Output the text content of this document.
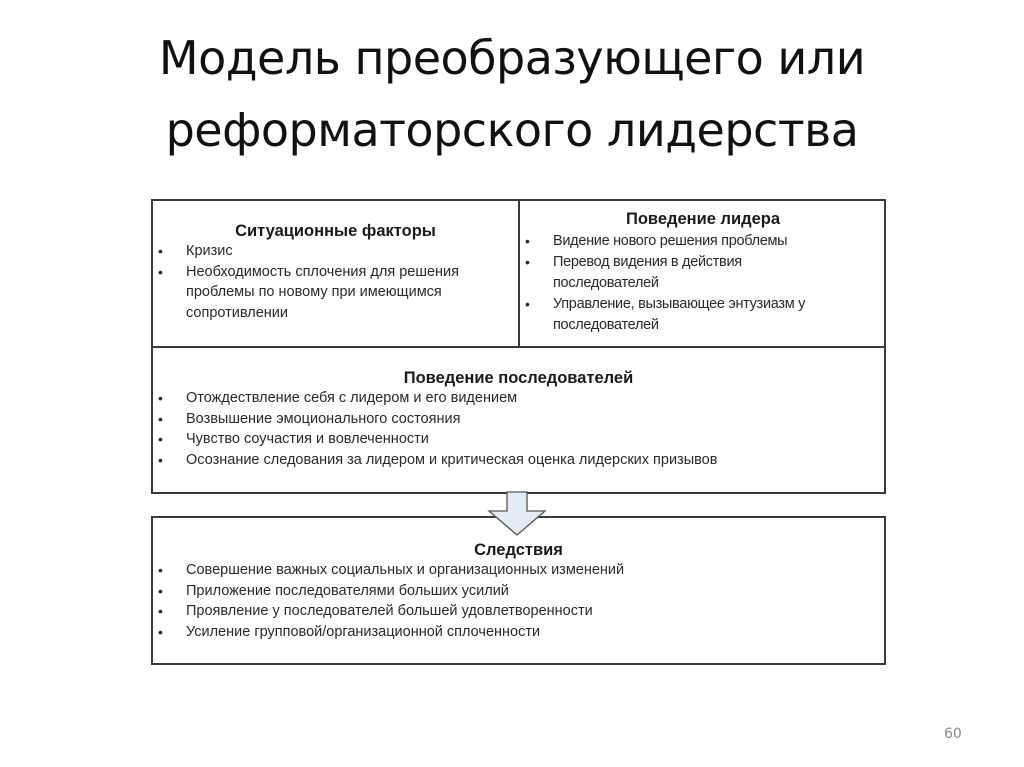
Модель преобразующего или
реформаторского лидерства
Ситуационные факторы
• Кризис
• Необходимость сплочения для решения проблемы по новому при имеющимся сопротивлении
Поведение лидера
• Видение нового решения проблемы
• Перевод видения в действия последователей
• Управление, вызывающее энтузиазм у последователей
Поведение последователей
• Отождествление себя с лидером и его видением
• Возвышение эмоционального состояния
• Чувство соучастия и вовлеченности
• Осознание следования за лидером и критическая оценка лидерских призывов
Следствия
• Совершение важных социальных и организационных изменений
• Приложение последователями больших усилий
• Проявление у последователей большей удовлетворенности
• Усиление групповой/организационной сплоченности
60
